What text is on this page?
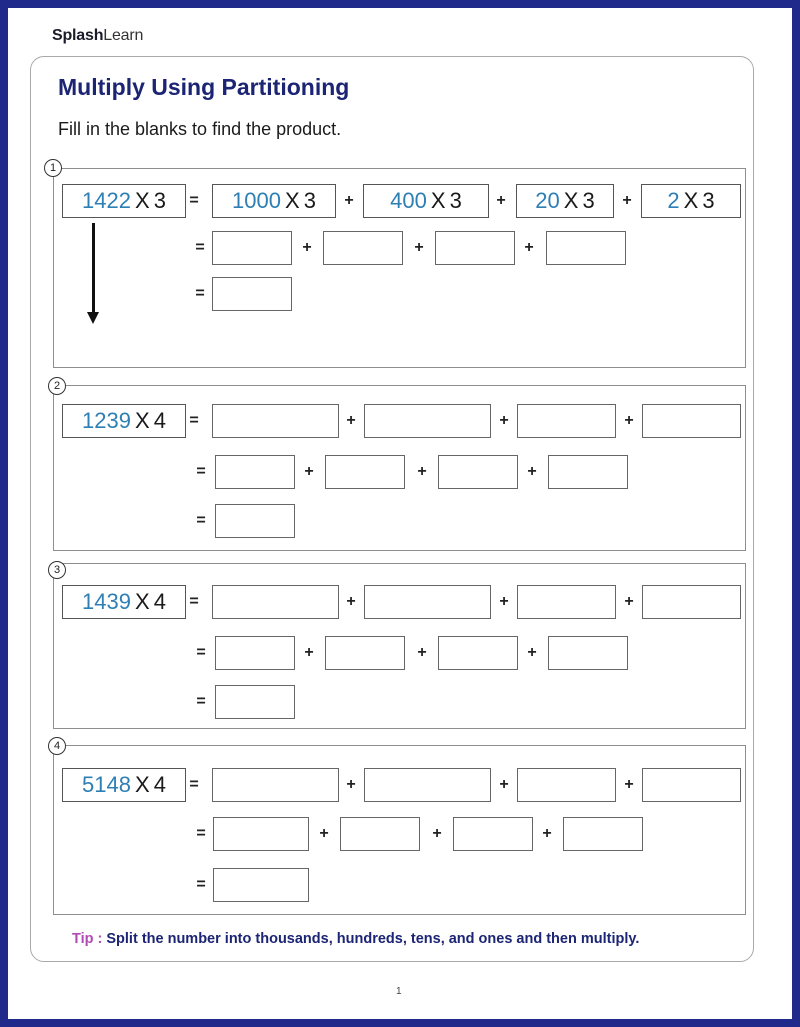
SplashLearn
Multiply Using Partitioning
Fill in the blanks to find the product.
1
1422 X 3 = 1000 X 3 + 400 X 3 + 20 X 3 + 2 X 3
=	+	+	+
=
2
1239 X 4 =	+	+	+
=	+	+	+
=
3
1439 X 4 =	+	+	+
=	+	+	+
=
4
5148 X 4 =	+	+	+
=	+	+	+
=
Tip : Split the number into thousands, hundreds, tens, and ones and then multiply.
1
